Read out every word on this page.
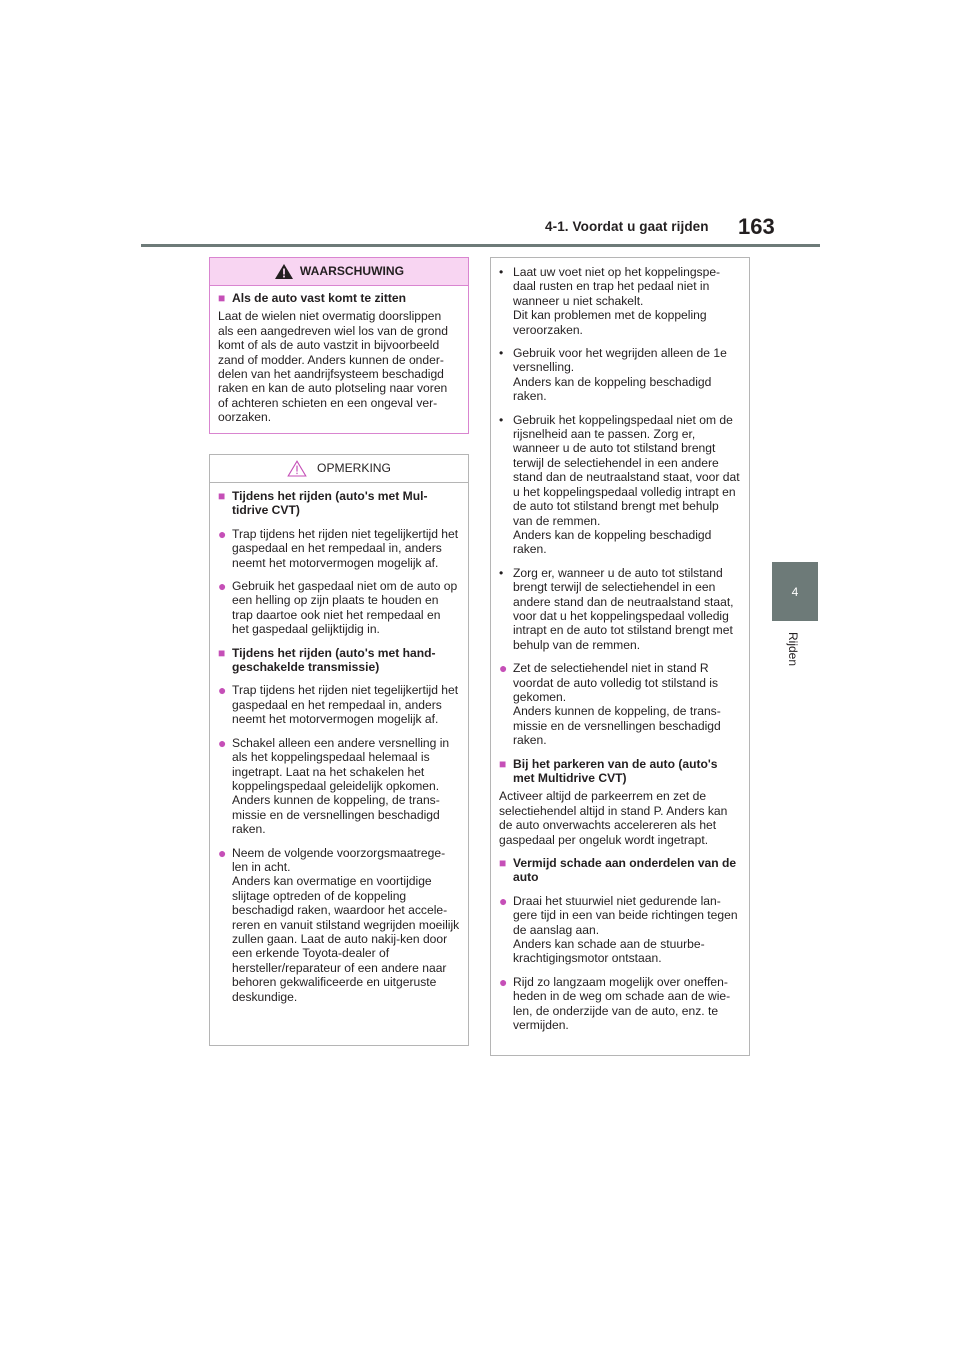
4-1. Voordat u gaat rijden 163
4
Rijden
WAARSCHUWING
■ Als de auto vast komt te zitten

Laat de wielen niet overmatig doorslippen als een aangedreven wiel los van de grond komt of als de auto vastzit in bijvoorbeeld zand of modder. Anders kunnen de onder-delen van het aandrijfsysteem beschadigd raken en kan de auto plotseling naar voren of achteren schieten en een ongeval ver-oorzaken.

OPMERKING
■ Tijdens het rijden (auto's met Mul-tidrive CVT)
● Trap tijdens het rijden niet tegelijkertijd het gaspedaal en het rempedaal in, anders neemt het motorvermogen mogelijk af.
● Gebruik het gaspedaal niet om de auto op een helling op zijn plaats te houden en trap daartoe ook niet het rempedaal en het gaspedaal gelijktijdig in.
■ Tijdens het rijden (auto's met hand-geschakelde transmissie)
● Trap tijdens het rijden niet tegelijkertijd het gaspedaal en het rempedaal in, anders neemt het motorvermogen mogelijk af.
● Schakel alleen een andere versnelling in als het koppelingspedaal helemaal is ingetrapt. Laat na het schakelen het koppelingspedaal geleidelijk opkomen. Anders kunnen de koppeling, de trans-missie en de versnellingen beschadigd raken.
● Neem de volgende voorzorgsmaatrege-len in acht.
Anders kan overmatige en voortijdige slijtage optreden of de koppeling beschadigd raken, waardoor het accele-reren en vanuit stilstand wegrijden moeilijk zullen gaan. Laat de auto nakij-ken door een erkende Toyota-dealer of hersteller/reparateur of een andere naar behoren gekwalificeerde en uitgeruste deskundige.
• Laat uw voet niet op het koppelingspe-daal rusten en trap het pedaal niet in wanneer u niet schakelt.
Dit kan problemen met de koppeling veroorzaken.
• Gebruik voor het wegrijden alleen de 1e versnelling.
Anders kan de koppeling beschadigd raken.
• Gebruik het koppelingspedaal niet om de rijsnelheid aan te passen. Zorg er, wanneer u de auto tot stilstand brengt terwijl de selectiehendel in een andere stand dan de neutraalstand staat, voor dat u het koppelingspedaal volledig intrapt en de auto tot stilstand brengt met behulp van de remmen.
Anders kan de koppeling beschadigd raken.
• Zorg er, wanneer u de auto tot stilstand brengt terwijl de selectiehendel in een andere stand dan de neutraalstand staat, voor dat u het koppelingspedaal volledig intrapt en de auto tot stilstand brengt met behulp van de remmen.
● Zet de selectiehendel niet in stand R voordat de auto volledig tot stilstand is gekomen.
Anders kunnen de koppeling, de trans-missie en de versnellingen beschadigd raken.
■ Bij het parkeren van de auto (auto's met Multidrive CVT)

Activeer altijd de parkeerrem en zet de selectiehendel altijd in stand P. Anders kan de auto onverwachts accelereren als het gaspedaal per ongeluk wordt ingetrapt.

■ Vermijd schade aan onderdelen van de auto
● Draai het stuurwiel niet gedurende lan-gere tijd in een van beide richtingen tegen de aanslag aan.
Anders kan schade aan de stuurbe-krachtigingsmotor ontstaan.
● Rijd zo langzaam mogelijk over oneffen-heden in de weg om schade aan de wie-len, de onderzijde van de auto, enz. te vermijden.
